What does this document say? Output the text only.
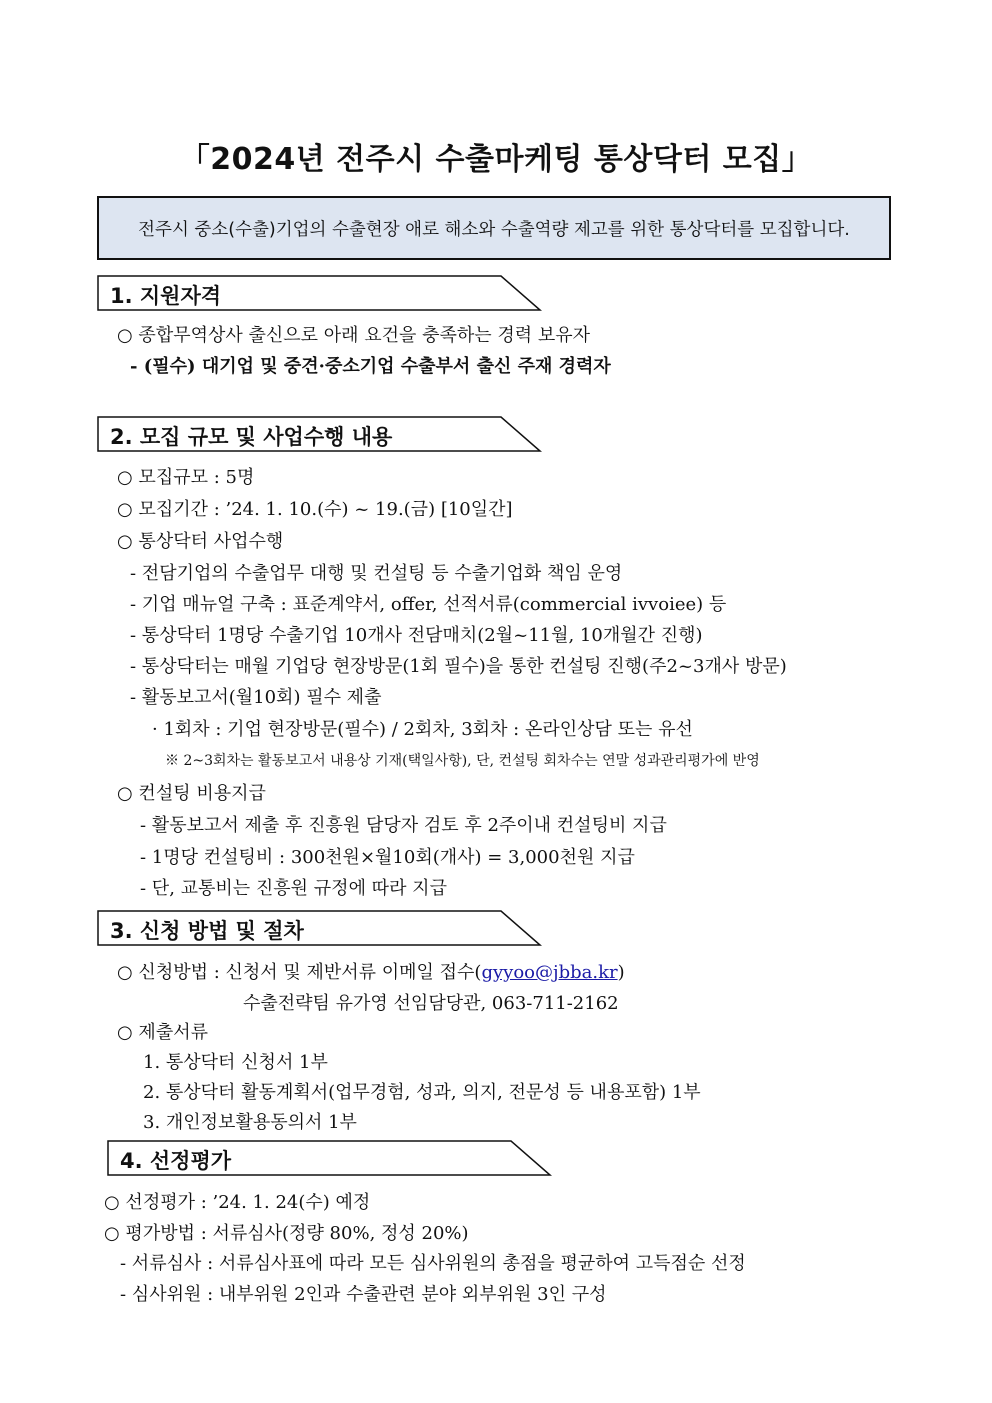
「2024년 전주시 수출마케팅 통상닥터 모집」
전주시 중소(수출)기업의 수출현장 애로 해소와 수출역량 제고를 위한 통상닥터를 모집합니다.
1. 지원자격
○ 종합무역상사 출신으로 아래 요건을 충족하는 경력 보유자
- (필수) 대기업 및 중견·중소기업 수출부서 출신 주재 경력자
2. 모집 규모 및 사업수행 내용
○ 모집규모 : 5명
○ 모집기간 : ’24. 1. 10.(수) ~ 19.(금) [10일간]
○ 통상닥터 사업수행
- 전담기업의 수출업무 대행 및 컨설팅 등 수출기업화 책임 운영
- 기업 매뉴얼 구축 : 표준계약서, offer, 선적서류(commercial ivvoiee) 등
- 통상닥터 1명당 수출기업 10개사 전담매치(2월~11월, 10개월간 진행)
- 통상닥터는 매월 기업당 현장방문(1회 필수)을 통한 컨설팅 진행(주2~3개사 방문)
- 활동보고서(월10회) 필수 제출
· 1회차 : 기업 현장방문(필수) / 2회차, 3회차 : 온라인상담 또는 유선
※ 2~3회차는 활동보고서 내용상 기재(택일사항), 단, 컨설팅 회차수는 연말 성과관리평가에 반영
○ 컨설팅 비용지급
- 활동보고서 제출 후 진흥원 담당자 검토 후 2주이내 컨설팅비 지급
- 1명당 컨설팅비 : 300천원×월10회(개사) = 3,000천원 지급
- 단, 교통비는 진흥원 규정에 따라 지급
3. 신청 방법 및 절차
○ 신청방법 : 신청서 및 제반서류 이메일 접수(gyyoo@jbba.kr)
수출전략팀 유가영 선임담당관, 063-711-2162
○ 제출서류
1. 통상닥터 신청서 1부
2. 통상닥터 활동계획서(업무경험, 성과, 의지, 전문성 등 내용포함) 1부
3. 개인정보활용동의서 1부
4. 선정평가
○ 선정평가 : ’24. 1. 24(수) 예정
○ 평가방법 : 서류심사(정량 80%, 정성 20%)
- 서류심사 : 서류심사표에 따라 모든 심사위원의 총점을 평균하여 고득점순 선정
- 심사위원 : 내부위원 2인과 수출관련 분야 외부위원 3인 구성
